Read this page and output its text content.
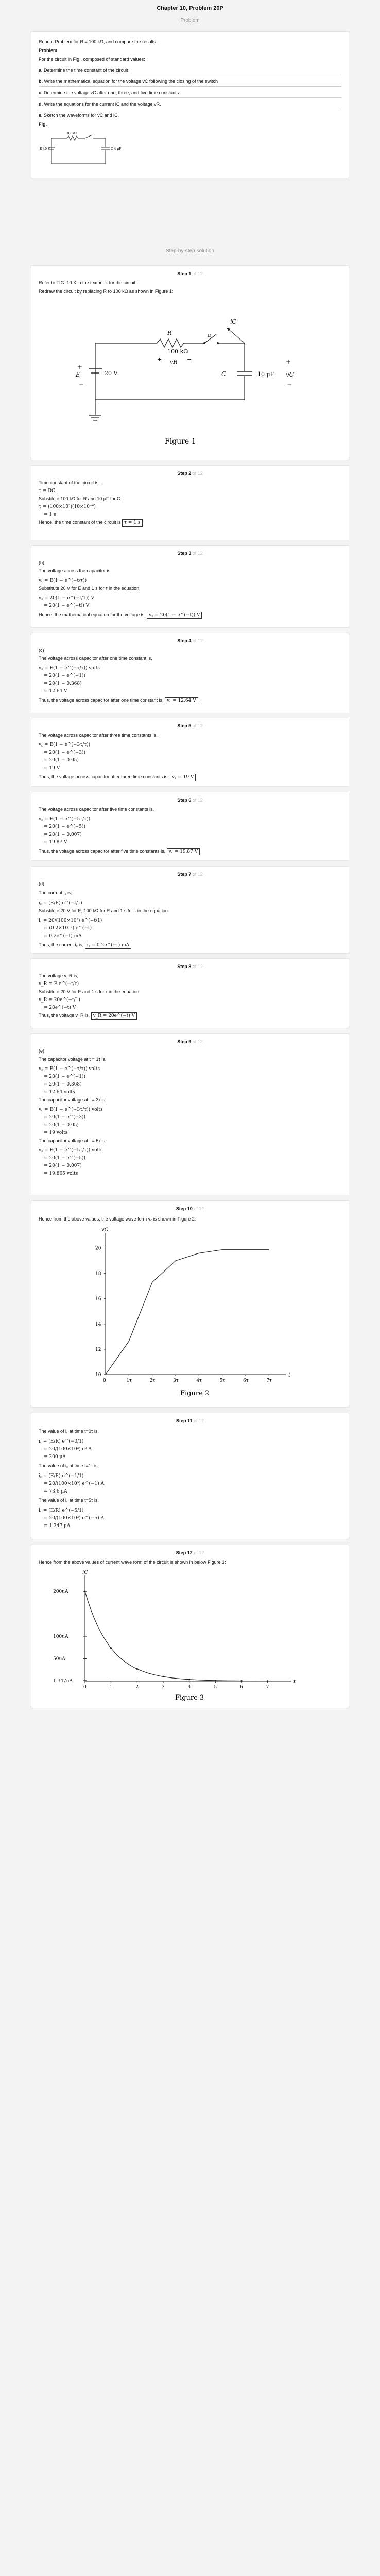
Chapter 10, Problem 20P
Problem

Repeat Problem for R = 100 kΩ, and compare the results.

Problem

For the circuit in Fig., composed of standard values:

a. Determine the time constant of the circuit
b. Write the mathematical equation for the voltage vC following the closing of the switch
c. Determine the voltage vC after one, three, and five time constants.
d. Write the equations for the current iC and the voltage vR.
e. Sketch the waveforms for vC and iC.

Fig.

R 8kΩ
E 40 V	C 4 μF
Step-by-step solution
Step 1 of 12

Refer to FIG. 10.X in the textbook for the circuit.

Redraw the circuit by replacing R to 100 kΩ as shown in Figure 1:

100 kΩ
R
+ vR −
a
iC
+
E	20 V
−
C	10 μF
+
vC
−
Figure 1
Step 2 of 12

Time constant of the circuit is,

τ = RC

Substitute 100 kΩ for R and 10 μF for C

τ = (100×10³)(10×10⁻⁶)
= 1 s

Hence, the time constant of the circuit is τ = 1 s

Step 3 of 12

(b)

The voltage across the capacitor is,

v꜀ = E(1 − e^(−t/τ))

Substitute 20 V for E and 1 s for τ in the equation.

v꜀ = 20(1 − e^(−t/1)) V
= 20(1 − e^(−t)) V

Hence, the mathematical equation for the voltage is, v꜀ = 20(1 − e^(−t)) V

Step 4 of 12

(c)

The voltage across capacitor after one time constant is,

v꜀ = E(1 − e^(−τ/τ)) volts
= 20(1 − e^(−1))
= 20(1 − 0.368)
= 12.64 V

Thus, the voltage across capacitor after one time constant is, v꜀ = 12.64 V

Step 5 of 12

The voltage across capacitor after three time constants is,

v꜀ = E(1 − e^(−3τ/τ))
= 20(1 − e^(−3))
= 20(1 − 0.05)
= 19 V

Thus, the voltage across capacitor after three time constants is, v꜀ = 19 V

Step 6 of 12

The voltage across capacitor after five time constants is,

v꜀ = E(1 − e^(−5τ/τ))
= 20(1 − e^(−5))
= 20(1 − 0.007)
= 19.87 V

Thus, the voltage across capacitor after five time constants is, v꜀ = 19.87 V

Step 7 of 12

(d)

The current i꜀ is,

i꜀ = (E/R) e^(−t/τ)

Substitute 20 V for E, 100 kΩ for R and 1 s for τ in the equation.

i꜀ = 20/(100×10³) e^(−t/1)
= (0.2×10⁻³) e^(−t)
= 0.2e^(−t) mA

Thus, the current i꜀ is, i꜀ = 0.2e^(−t) mA

Step 8 of 12

The voltage v_R is,

v_R = E e^(−t/τ)

Substitute 20 V for E and 1 s for τ in the equation.

v_R = 20e^(−t/1)
= 20e^(−t) V

Thus, the voltage v_R is, v_R = 20e^(−t) V

Step 9 of 12

(e)

The capacitor voltage at t = 1τ is,

v꜀ = E(1 − e^(−τ/τ)) volts
= 20(1 − e^(−1))
= 20(1 − 0.368)
= 12.64 volts

The capacitor voltage at t = 3τ is,

v꜀ = E(1 − e^(−3τ/τ)) volts
= 20(1 − e^(−3))
= 20(1 − 0.05)
= 19 volts

The capacitor voltage at t = 5τ is,

v꜀ = E(1 − e^(−5τ/τ)) volts
= 20(1 − e^(−5))
= 20(1 − 0.007)
= 19.865 volts
Step 10 of 12

Hence from the above values, the voltage wave form v꜀ is shown in Figure 2:

10
12
14
16
18
20
1τ	2τ	3τ	4τ	5τ	6τ	7τ
0
t
vC
Figure 2
Step 11 of 12

The value of i꜀ at time t=0τ is,

i꜀ = (E/R) e^(−0/1)
= 20/(100×10³) e⁰ A
= 200 μA

The value of i꜀ at time t=1τ is,

i꜀ = (E/R) e^(−1/1)
= 20/(100×10³) e^(−1) A
= 73.6 μA

The value of i꜀ at time t=5τ is,

i꜀ = (E/R) e^(−5/1)
= 20/(100×10³) e^(−5) A
= 1.347 μA
Step 12 of 12

Hence from the above values of current wave form of the circuit is shown in below Figure 3:

200uA
100uA
50uA
1.347uA
0	1	2	3	4	5	6	7
t
iC
Figure 3
